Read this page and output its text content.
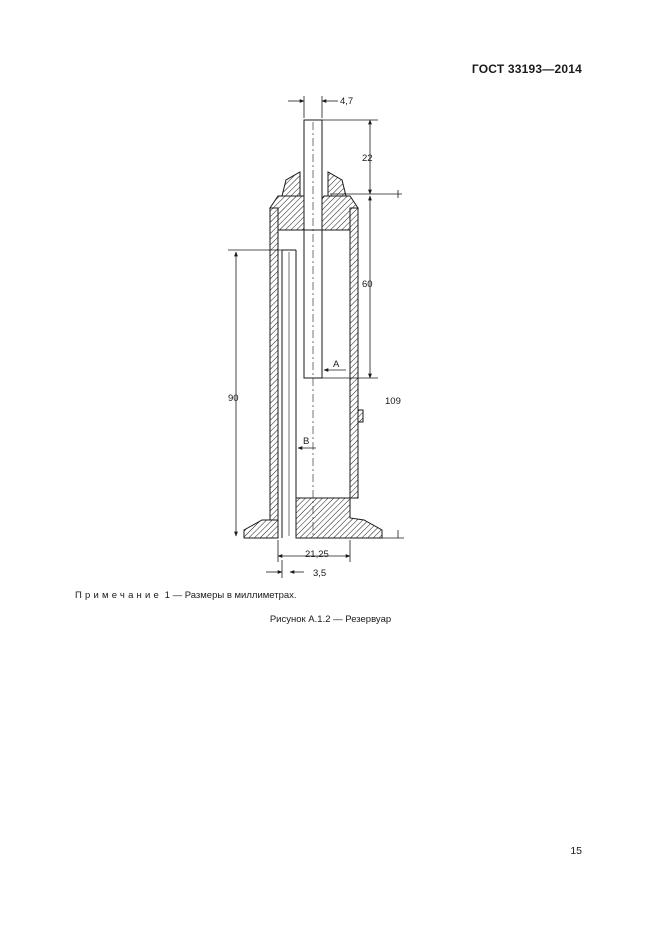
ГОСТ 33193—2014
4,7
22
60
90	109
21,25
3,5
А
В
Примечание 1 — Размеры в миллиметрах.
Рисунок А.1.2 — Резервуар
15
